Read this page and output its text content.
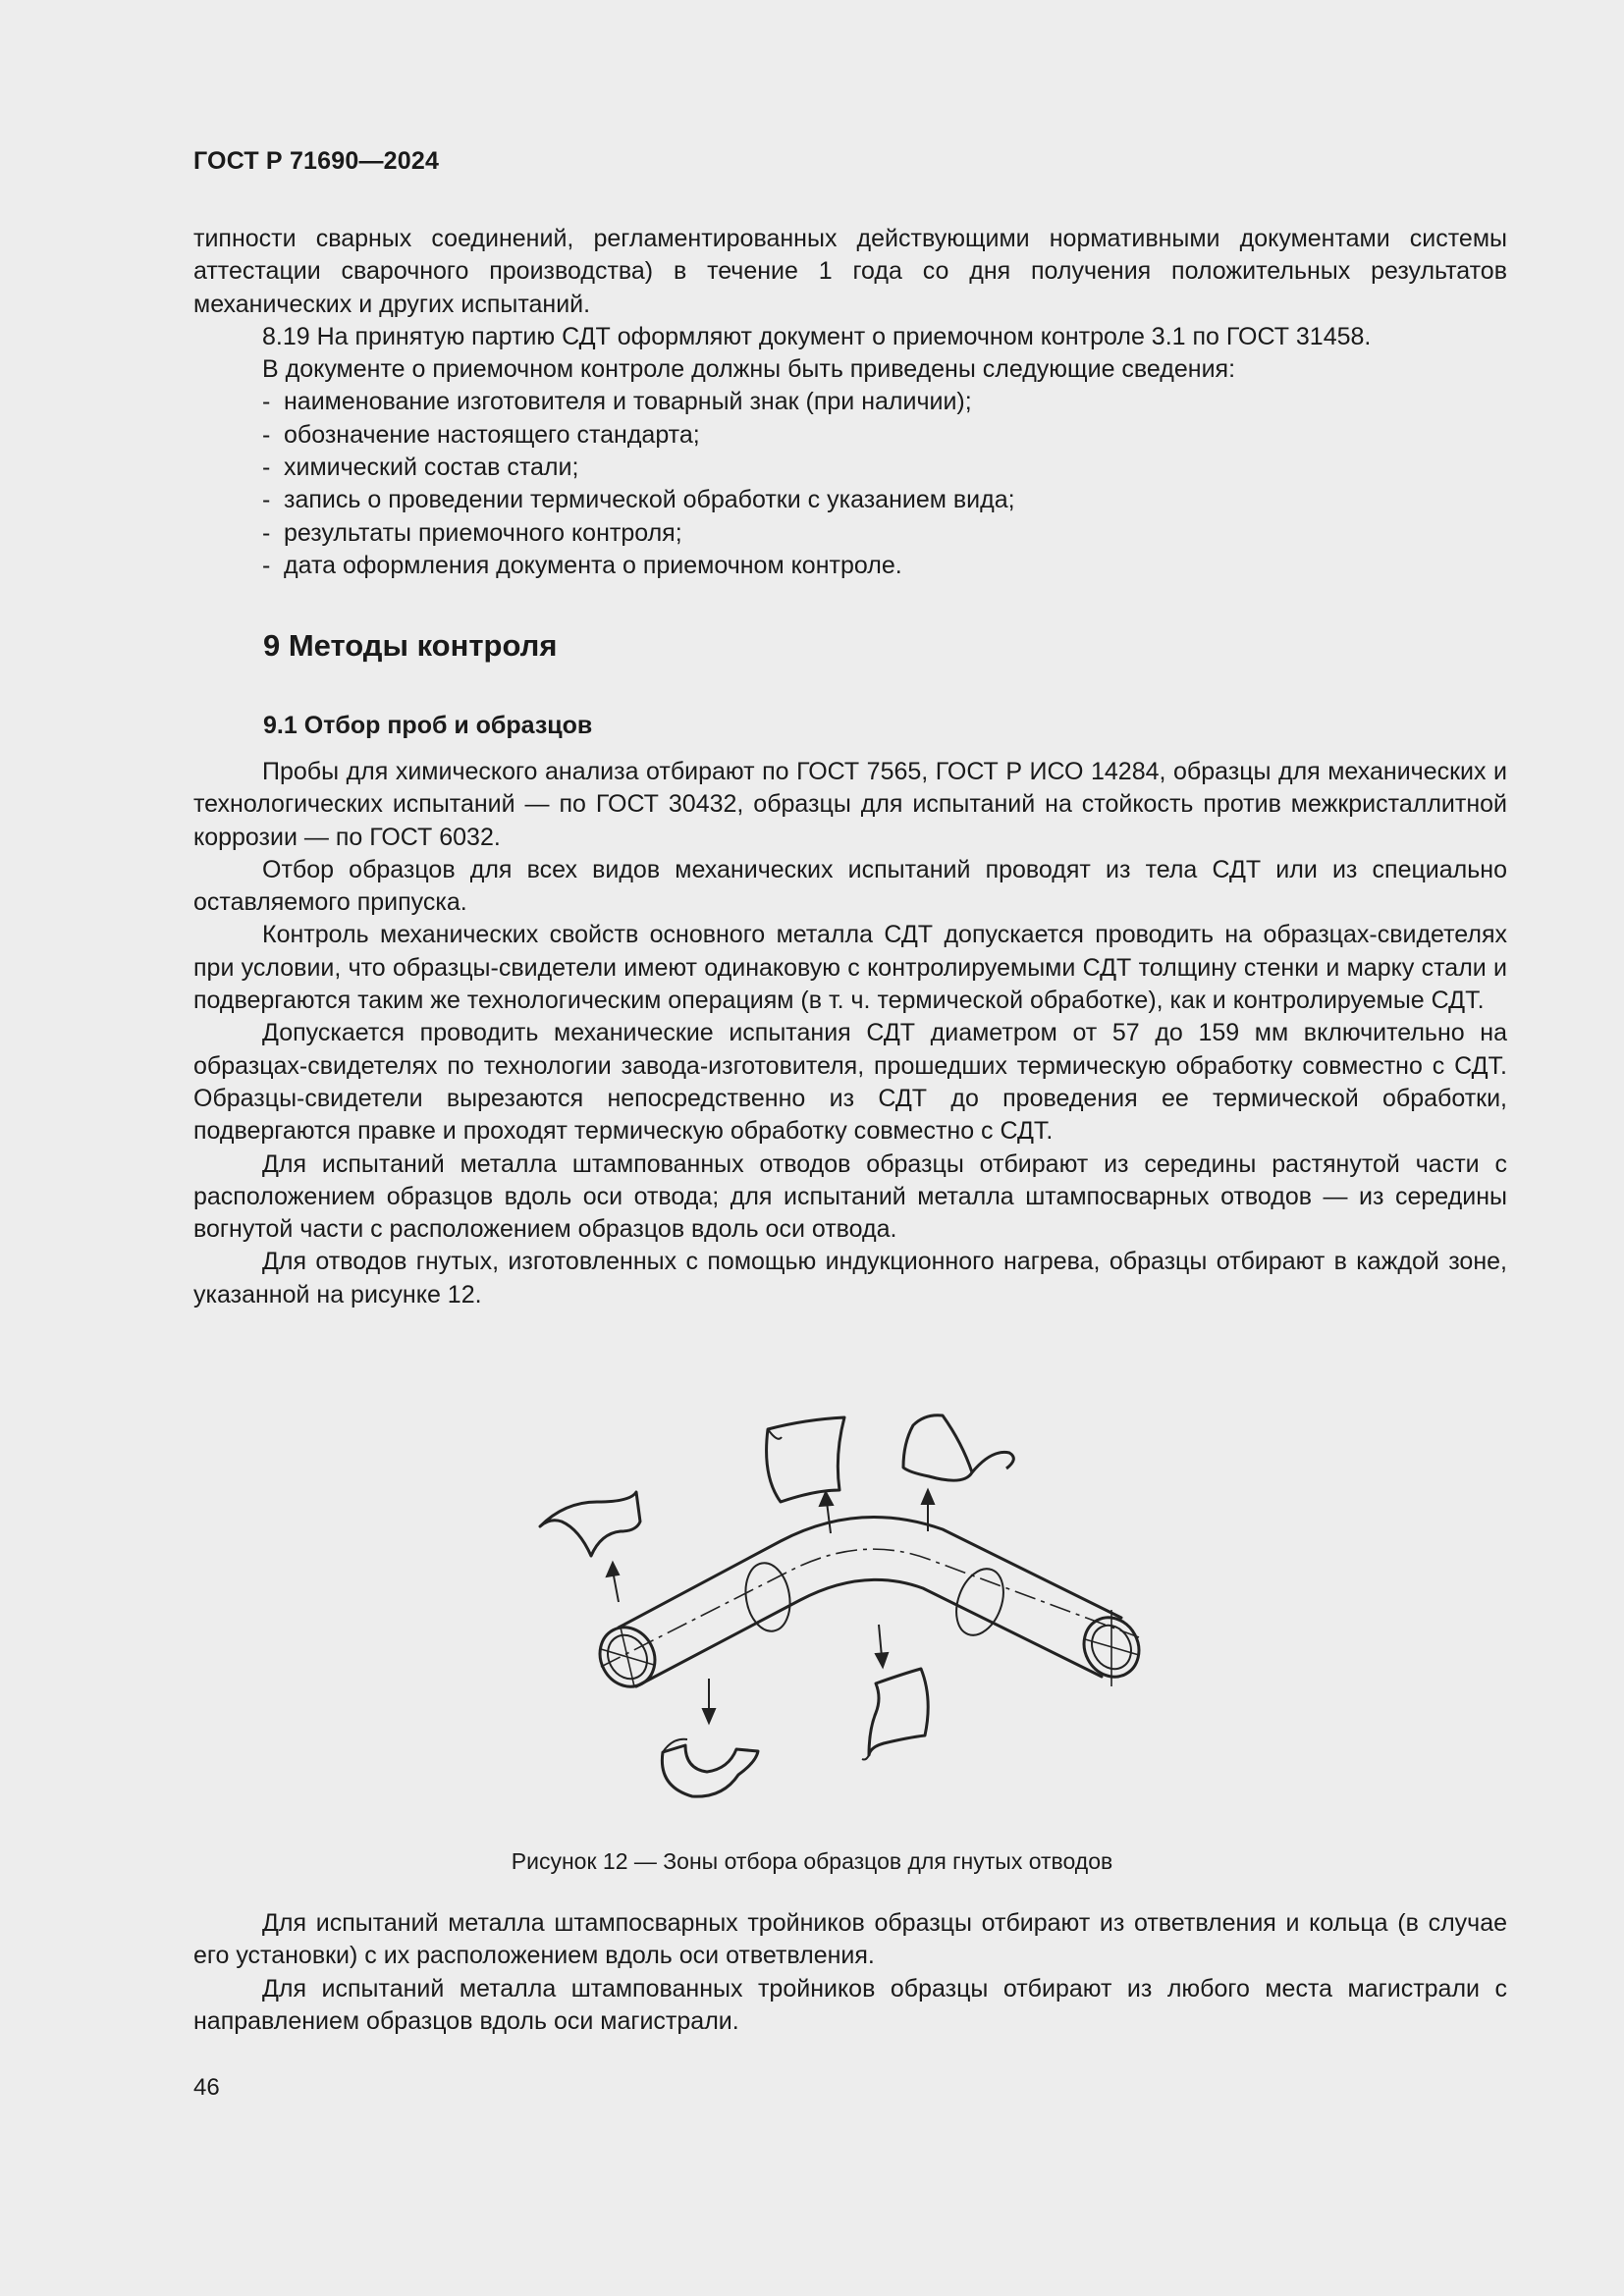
ГОСТ Р 71690—2024

типности сварных соединений, регламентированных действующими нормативными документами системы аттестации сварочного производства) в течение 1 года со дня получения положительных результатов механических и других испытаний.

8.19 На принятую партию СДТ оформляют документ о приемочном контроле 3.1 по ГОСТ 31458.

В документе о приемочном контроле должны быть приведены следующие сведения:

- наименование изготовителя и товарный знак (при наличии);
- обозначение настоящего стандарта;
- химический состав стали;
- запись о проведении термической обработки с указанием вида;
- результаты приемочного контроля;
- дата оформления документа о приемочном контроле.
9 Методы контроля
9.1 Отбор проб и образцов

Пробы для химического анализа отбирают по ГОСТ 7565, ГОСТ Р ИСО 14284, образцы для механических и технологических испытаний — по ГОСТ 30432, образцы для испытаний на стойкость против межкристаллитной коррозии — по ГОСТ 6032.

Отбор образцов для всех видов механических испытаний проводят из тела СДТ или из специально оставляемого припуска.

Контроль механических свойств основного металла СДТ допускается проводить на образцах-свидетелях при условии, что образцы-свидетели имеют одинаковую с контролируемыми СДТ толщину стенки и марку стали и подвергаются таким же технологическим операциям (в т. ч. термической обработке), как и контролируемые СДТ.

Допускается проводить механические испытания СДТ диаметром от 57 до 159 мм включительно на образцах-свидетелях по технологии завода-изготовителя, прошедших термическую обработку совместно с СДТ. Образцы-свидетели вырезаются непосредственно из СДТ до проведения ее термической обработки, подвергаются правке и проходят термическую обработку совместно с СДТ.

Для испытаний металла штампованных отводов образцы отбирают из середины растянутой части с расположением образцов вдоль оси отвода; для испытаний металла штампосварных отводов — из середины вогнутой части с расположением образцов вдоль оси отвода.

Для отводов гнутых, изготовленных с помощью индукционного нагрева, образцы отбирают в каждой зоне, указанной на рисунке 12.

Рисунок 12 — Зоны отбора образцов для гнутых отводов

Для испытаний металла штампосварных тройников образцы отбирают из ответвления и кольца (в случае его установки) с их расположением вдоль оси ответвления.

Для испытаний металла штампованных тройников образцы отбирают из любого места магистрали с направлением образцов вдоль оси магистрали.

46
